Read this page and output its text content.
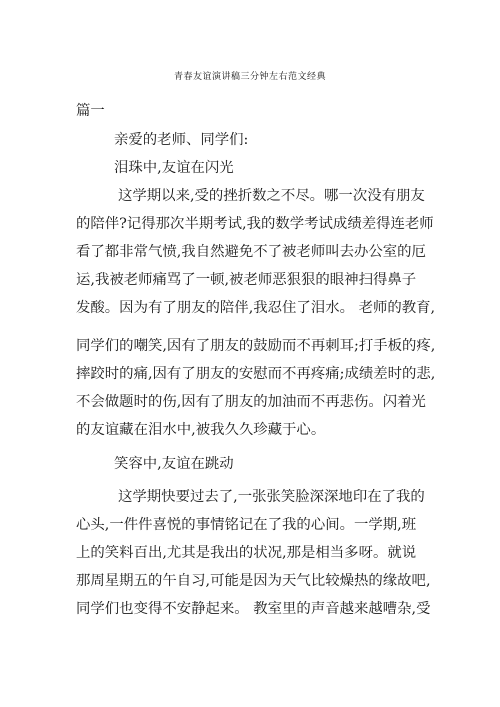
青春友谊演讲稿三分钟左右范文经典
篇一
亲爱的老师、同学们:
泪珠中,友谊在闪光
这学期以来,受的挫折数之不尽。哪一次没有朋友
的陪伴?记得那次半期考试,我的数学考试成绩差得连老师
看了都非常气愤,我自然避免不了被老师叫去办公室的厄
运,我被老师痛骂了一顿,被老师恶狠狠的眼神扫得鼻子
发酸。因为有了朋友的陪伴,我忍住了泪水。 老师的教育,
同学们的嘲笑,因有了朋友的鼓励而不再刺耳;打手板的疼,
摔跤时的痛,因有了朋友的安慰而不再疼痛;成绩差时的悲,
不会做题时的伤,因有了朋友的加油而不再悲伤。闪着光
的友谊藏在泪水中,被我久久珍藏于心。
笑容中,友谊在跳动
这学期快要过去了,一张张笑脸深深地印在了我的
心头,一件件喜悦的事情铭记在了我的心间。一学期,班
上的笑料百出,尤其是我出的状况,那是相当多呀。就说
那周星期五的午自习,可能是因为天气比较燥热的缘故吧,
同学们也变得不安静起来。 教室里的声音越来越嘈杂,受
